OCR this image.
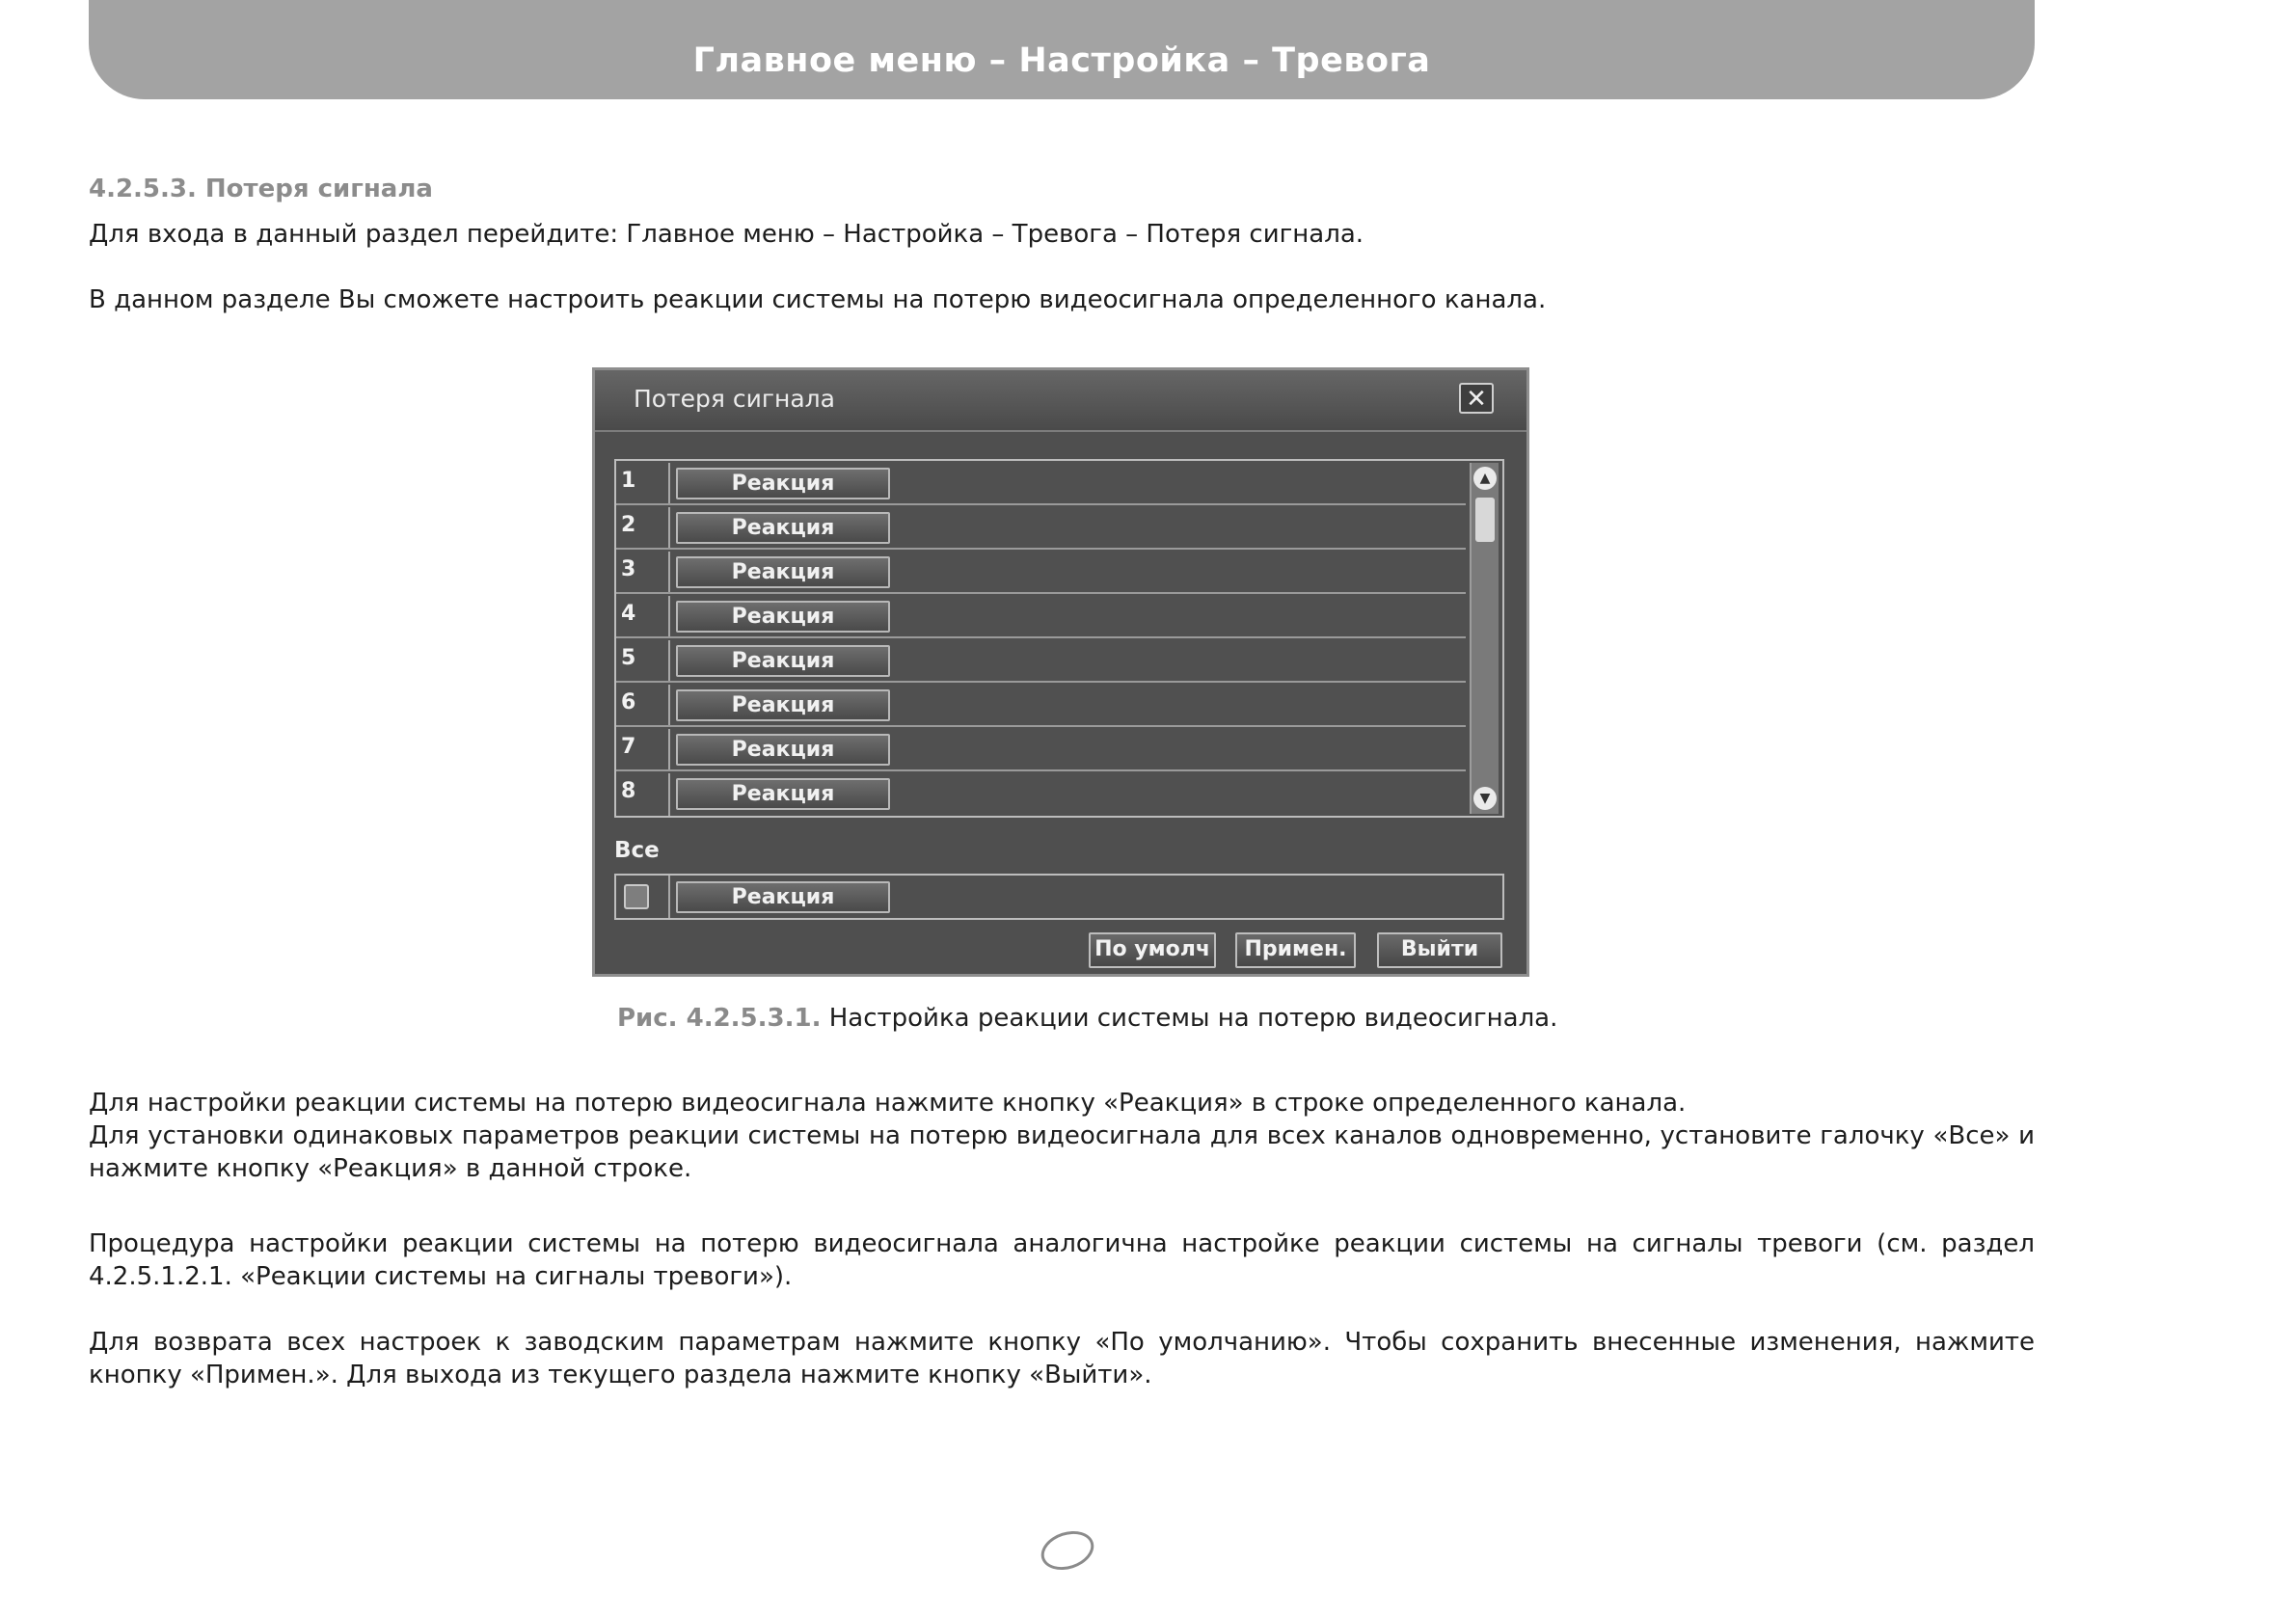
Главное меню – Настройка – Тревога
4.2.5.3. Потеря сигнала
Для входа в данный раздел перейдите: Главное меню – Настройка – Тревога – Потеря сигнала.
В данном разделе Вы сможете настроить реакции системы на потерю видеосигнала определенного канала.
Потеря сигнала	✕
1	Реакция
2	Реакция
3	Реакция
4	Реакция
5	Реакция
6	Реакция
7	Реакция
8	Реакция
▲
▼
Все
Реакция
По умолч	Примен.	Выйти
Рис. 4.2.5.3.1. Настройка реакции системы на потерю видеосигнала.
Для настройки реакции системы на потерю видеосигнала нажмите кнопку «Реакция» в строке определенного канала.
Для установки одинаковых параметров реакции системы на потерю видеосигнала для всех каналов одновременно, установите галочку «Все» и нажмите кнопку «Реакция» в данной строке.
Процедура настройки реакции системы на потерю видеосигнала аналогична настройке реакции системы на сигналы тревоги (см. раздел 4.2.5.1.2.1. «Реакции системы на сигналы тревоги»).
Для возврата всех настроек к заводским параметрам нажмите кнопку «По умолчанию». Чтобы сохранить внесенные изменения, нажмите кнопку «Примен.». Для выхода из текущего раздела нажмите кнопку «Выйти».
